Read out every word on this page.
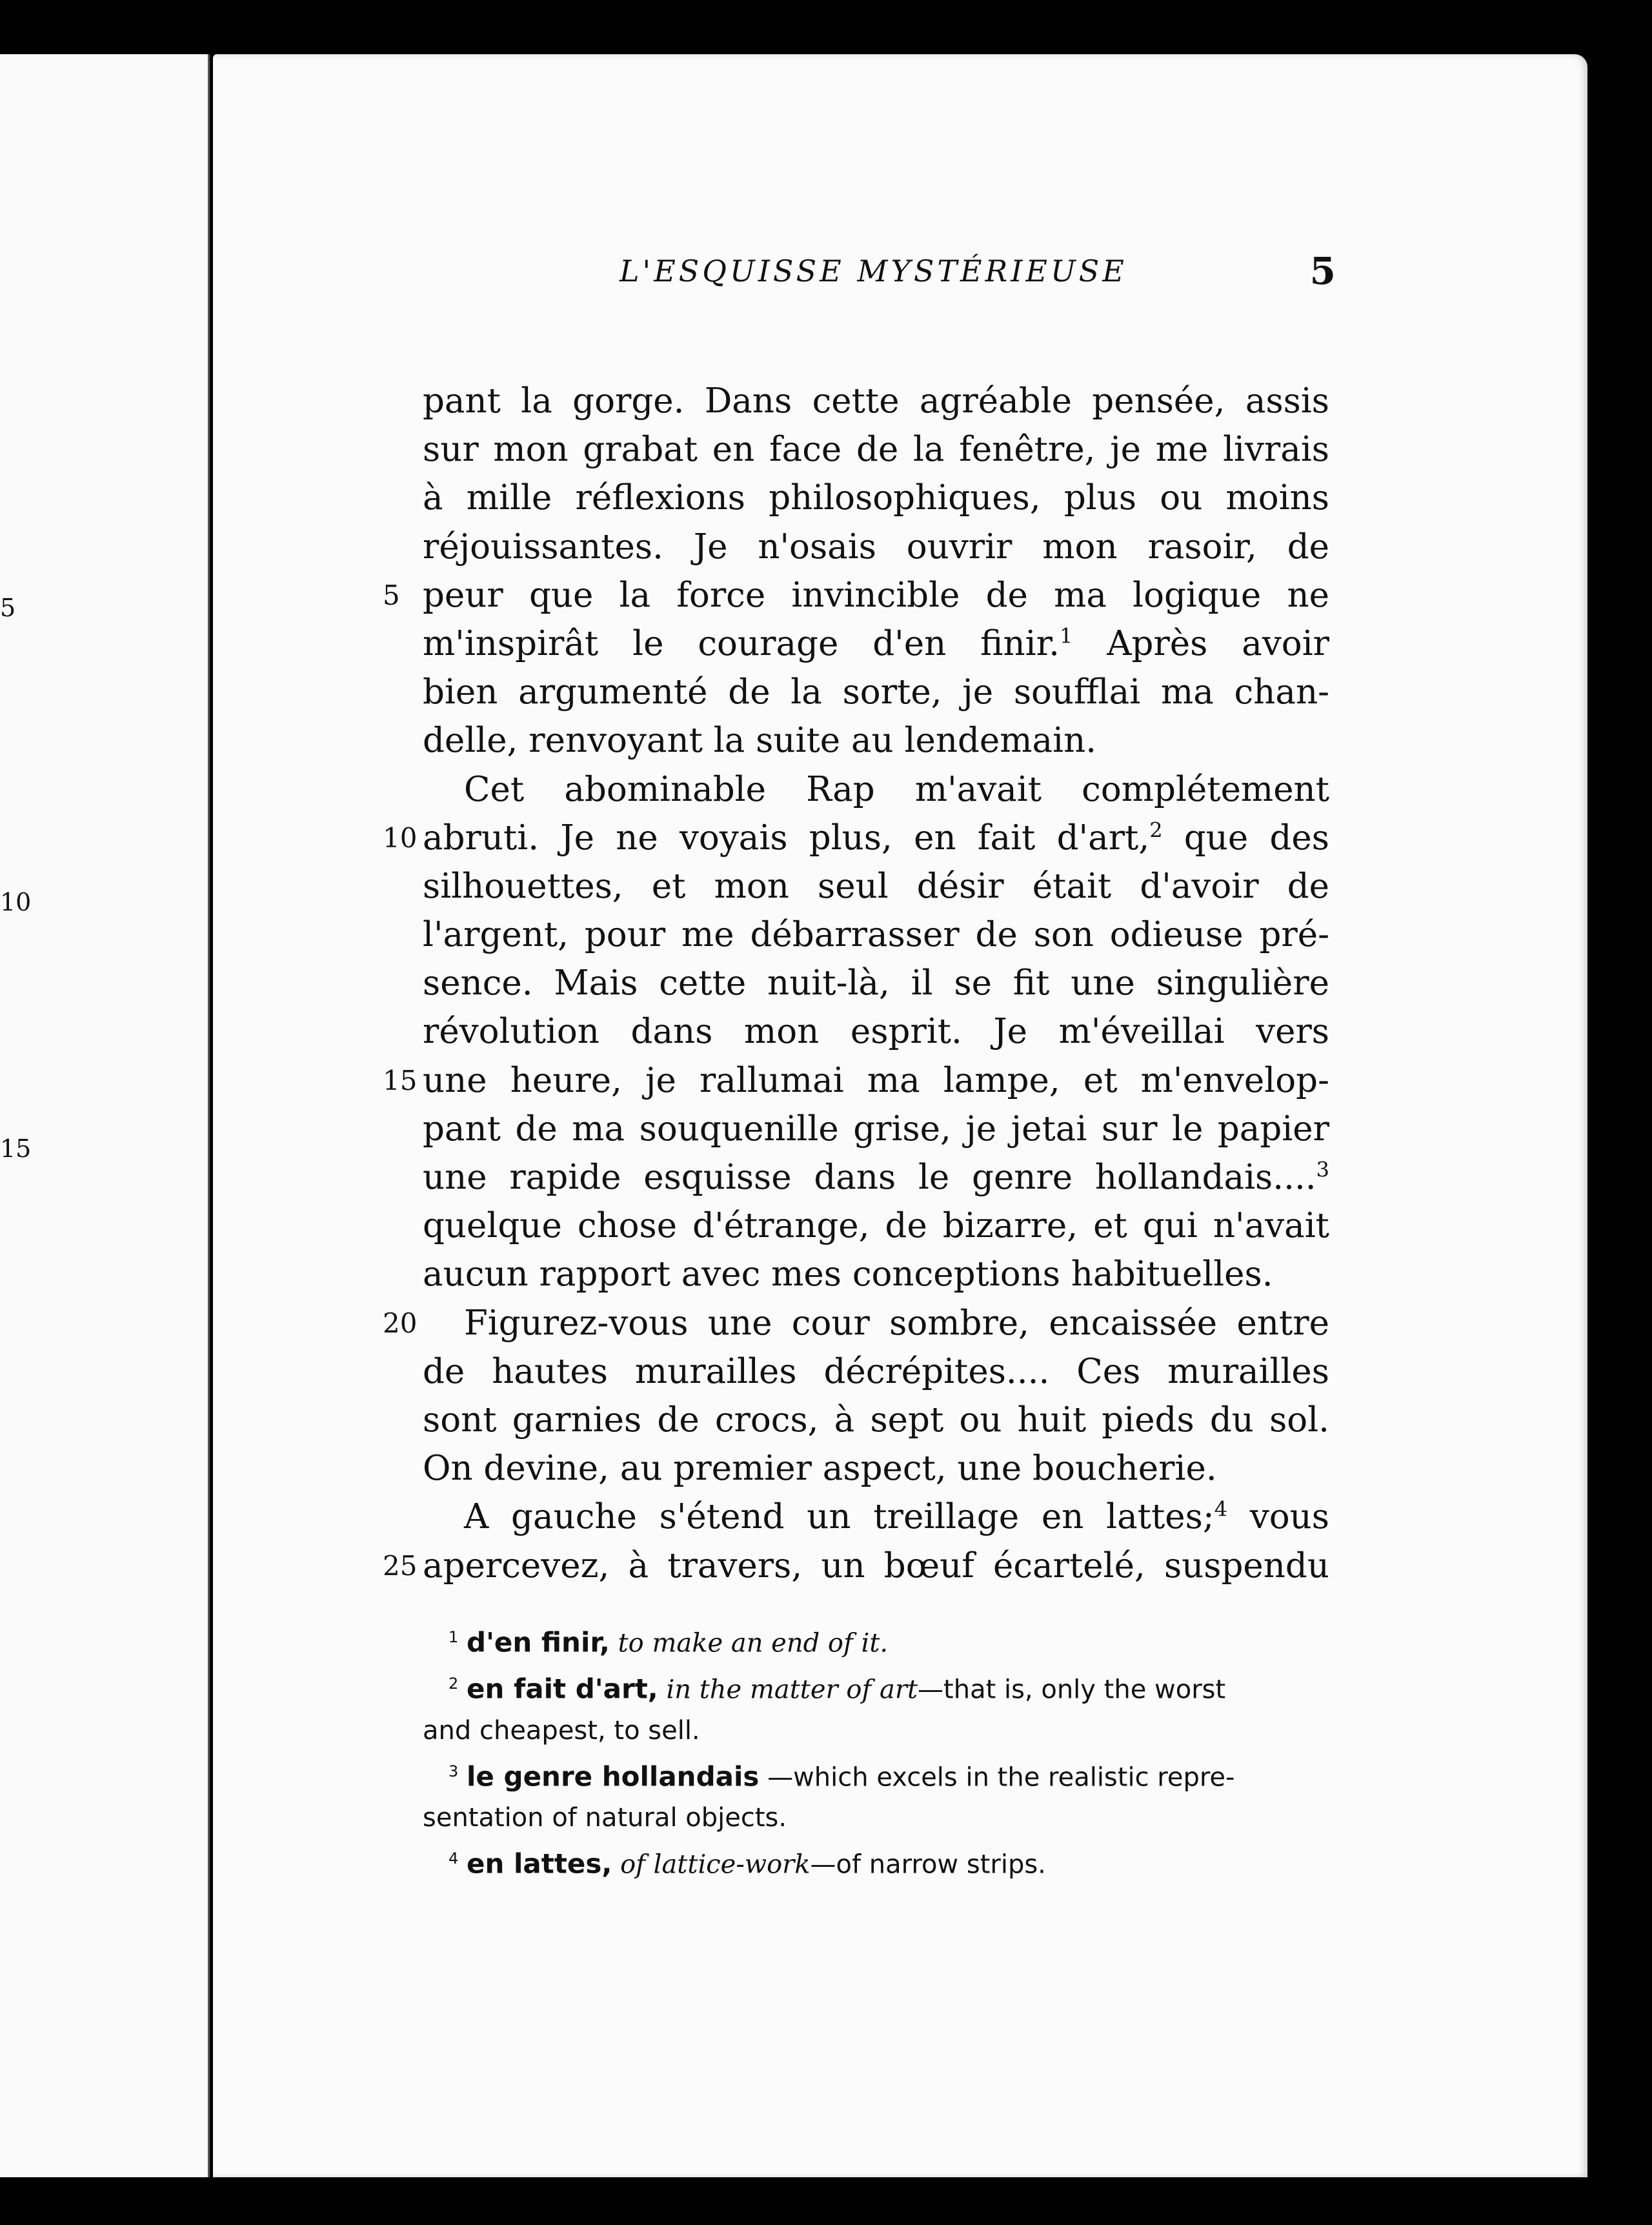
5
10
15
L'ESQUISSE MYSTÉRIEUSE	5
pant la gorge. Dans cette agréable pensée, assis
sur mon grabat en face de la fenêtre, je me livrais
à mille réflexions philosophiques, plus ou moins
réjouissantes. Je n'osais ouvrir mon rasoir, de
5 peur que la force invincible de ma logique ne
m'inspirât le courage d'en finir.$^1$ Après avoir
bien argumenté de la sorte, je soufflai ma chan-
delle, renvoyant la suite au lendemain.
Cet abominable Rap m'avait complétement
10 abruti. Je ne voyais plus, en fait d'art,$^2$ que des
silhouettes, et mon seul désir était d'avoir de
l'argent, pour me débarrasser de son odieuse pré-
sence. Mais cette nuit-là, il se fit une singulière
révolution dans mon esprit. Je m'éveillai vers
15 une heure, je rallumai ma lampe, et m'envelop-
pant de ma souquenille grise, je jetai sur le papier
une rapide esquisse dans le genre hollandais....$^3$
quelque chose d'étrange, de bizarre, et qui n'avait
aucun rapport avec mes conceptions habituelles.
20 Figurez-vous une cour sombre, encaissée entre
de hautes murailles décrépites.... Ces murailles
sont garnies de crocs, à sept ou huit pieds du sol.
On devine, au premier aspect, une boucherie.
A gauche s'étend un treillage en lattes;$^4$ vous
25 apercevez, à travers, un bœuf écartelé, suspendu
$^1$ d'en finir, to make an end of it.
$^2$ en fait d'art, in the matter of art—that is, only the worst
and cheapest, to sell.
$^3$ le genre hollandais —which excels in the realistic repre-
sentation of natural objects.
$^4$ en lattes, of lattice-work—of narrow strips.
